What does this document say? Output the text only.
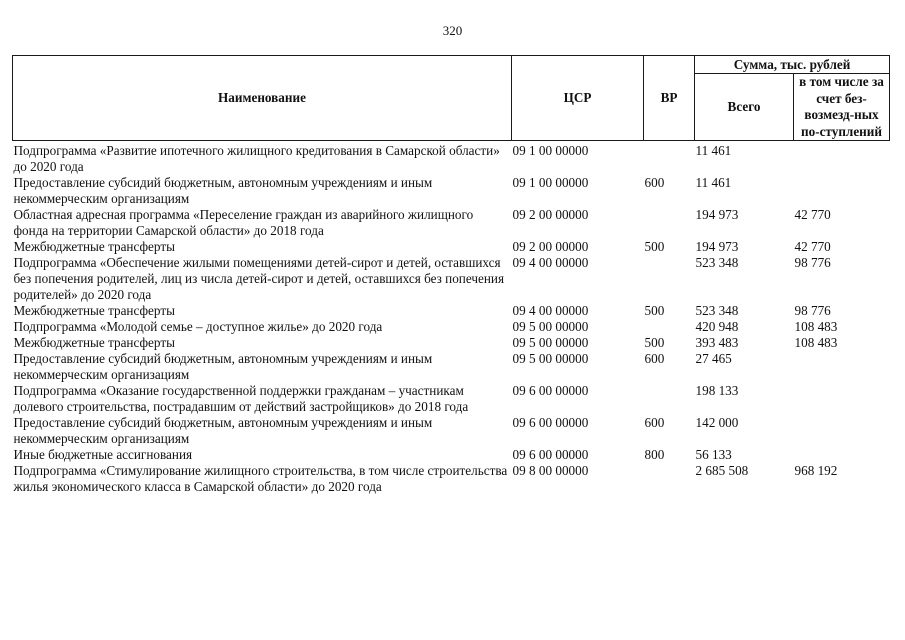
320
Наименование	ЦСР	ВР	Сумма, тыс. рублей	
			Всего	в том числе за счет без-возмезд-ных по-ступлений
Подпрограмма «Развитие ипотечного жилищного кредитования в Самарской области» до 2020 года	09 1 00 00000		11 461	
Предоставление субсидий бюджетным, автономным учреждениям и иным некоммерческим организациям	09 1 00 00000	600	11 461	
Областная адресная программа «Переселение граждан из аварийного жилищного фонда на территории Самарской области» до 2018 года	09 2 00 00000		194 973	42 770
Межбюджетные трансферты	09 2 00 00000	500	194 973	42 770
Подпрограмма «Обеспечение жилыми помещениями детей-сирот и детей, оставшихся без попечения родителей, лиц из числа детей-сирот и детей, оставшихся без попечения родителей» до 2020 года	09 4 00 00000		523 348	98 776
Межбюджетные трансферты	09 4 00 00000	500	523 348	98 776
Подпрограмма «Молодой семье – доступное жилье» до 2020 года	09 5 00 00000		420 948	108 483
Межбюджетные трансферты	09 5 00 00000	500	393 483	108 483
Предоставление субсидий бюджетным, автономным учреждениям и иным некоммерческим организациям	09 5 00 00000	600	27 465	
Подпрограмма «Оказание государственной поддержки гражданам – участникам долевого строительства, пострадавшим от действий застройщиков» до 2018 года	09 6 00 00000		198 133	
Предоставление субсидий бюджетным, автономным учреждениям и иным некоммерческим организациям	09 6 00 00000	600	142 000	
Иные бюджетные ассигнования	09 6 00 00000	800	56 133	
Подпрограмма «Стимулирование жилищного строительства, в том числе строительства жилья экономического класса в Самарской области» до 2020 года	09 8 00 00000		2 685 508	968 192
